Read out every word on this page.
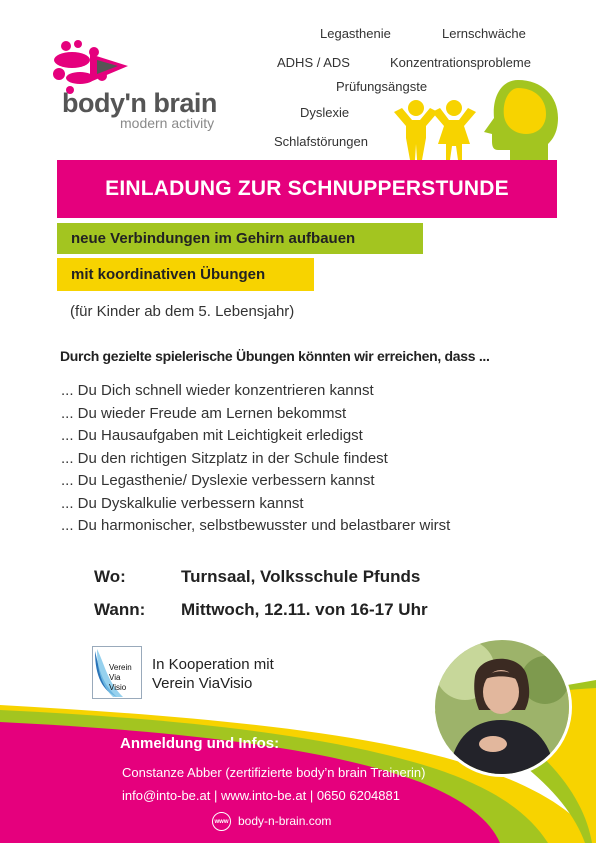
body'n brain
modern activity
Legasthenie	Lernschwäche
ADHS / ADS	Konzentrationsprobleme
Prüfungsängste
Dyslexie
Schlafstörungen
EINLADUNG ZUR SCHNUPPERSTUNDE
neue Verbindungen im Gehirn aufbauen
mit koordinativen Übungen
(für Kinder ab dem 5. Lebensjahr)
Durch gezielte spielerische Übungen könnten wir erreichen, dass ...
... Du Dich schnell wieder konzentrieren kannst
... Du wieder Freude am Lernen bekommst
... Du Hausaufgaben mit Leichtigkeit erledigst
... Du den richtigen Sitzplatz in der Schule findest
... Du Legasthenie/ Dyslexie verbessern kannst
... Du Dyskalkulie verbessern kannst
... Du harmonischer, selbstbewusster und belastbarer wirst
Wo:	Turnsaal, Volksschule Pfunds
Wann: Mittwoch, 12.11. von 16-17 Uhr
Verein
Via
Visio
In Kooperation mit
Verein ViaVisio
Anmeldung und Infos:
Constanze Abber (zertifizierte body’n brain Trainerin)
info@into-be.at | www.into-be.at | 0650 6204881
www body-n-brain.com
